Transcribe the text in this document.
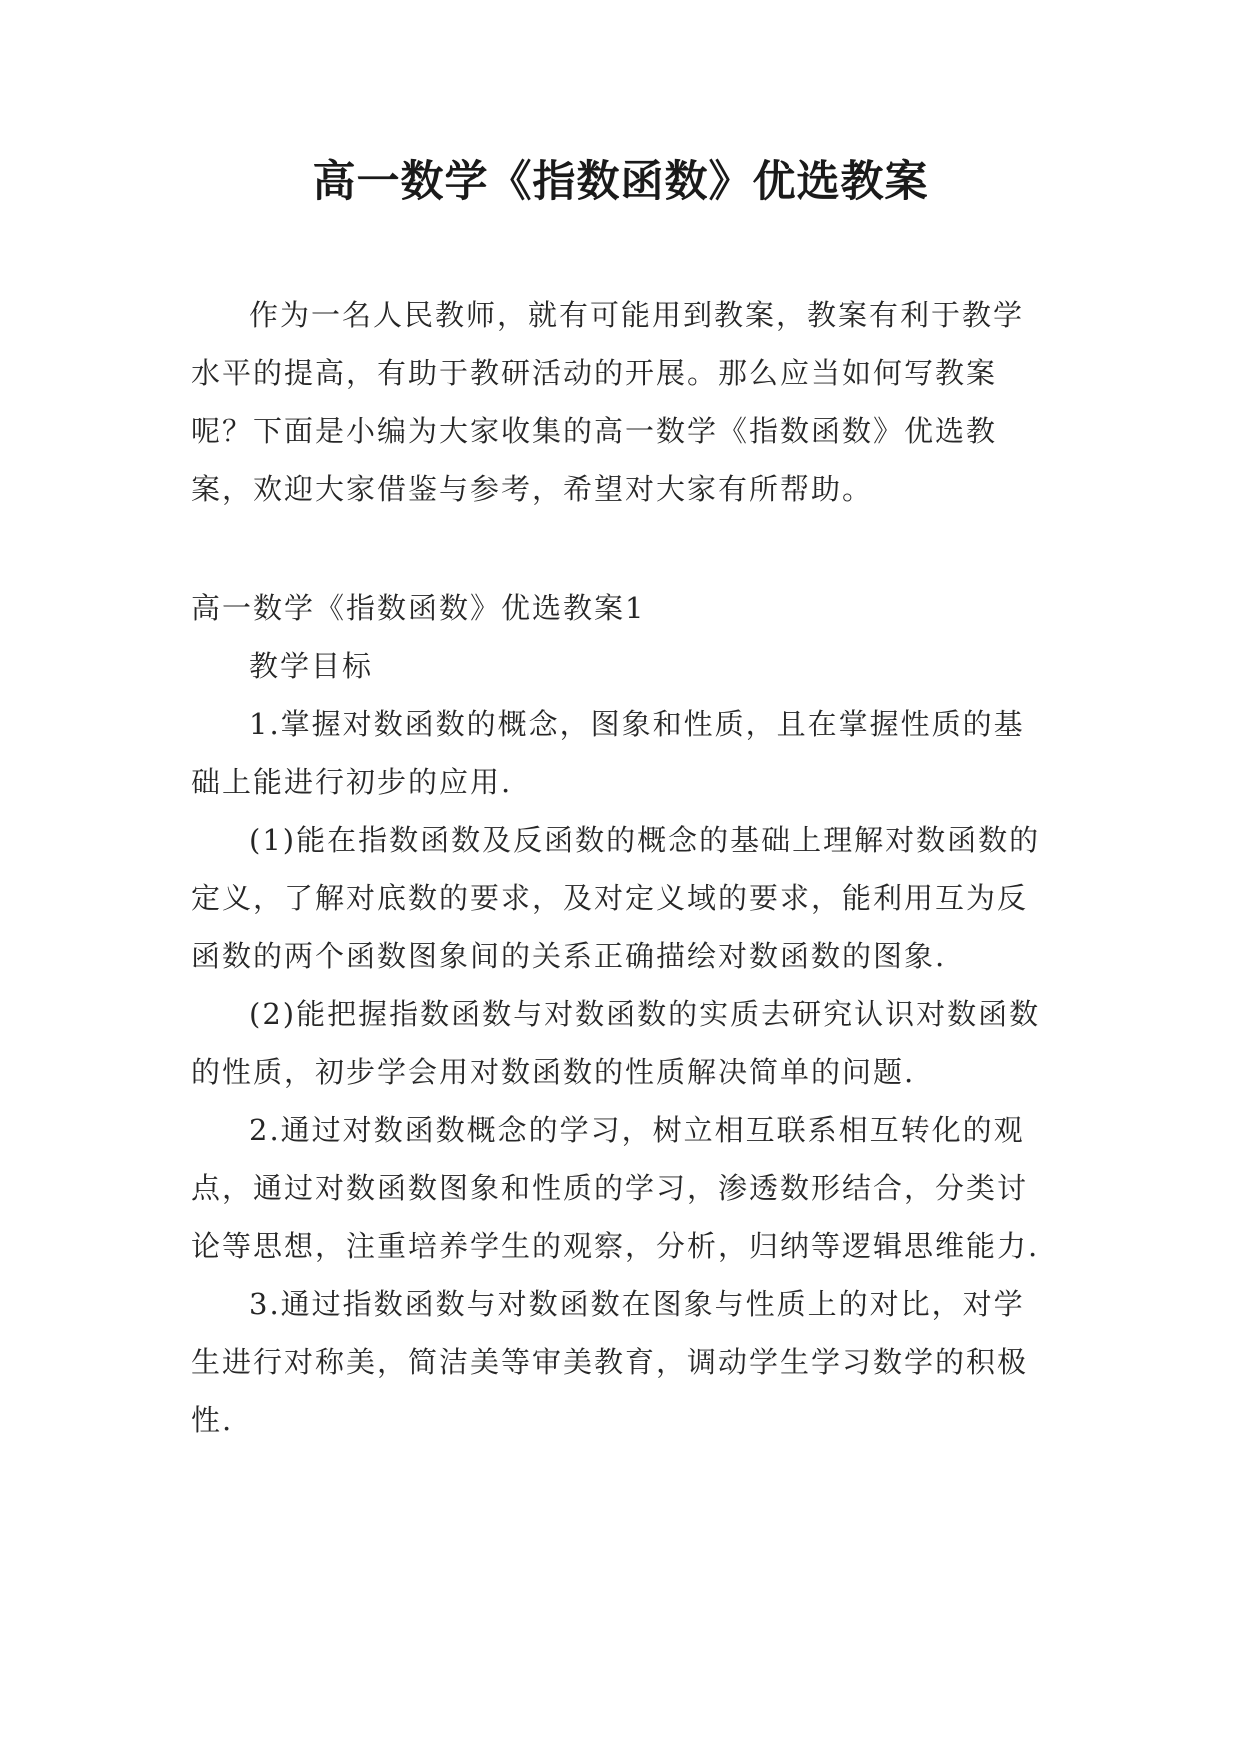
高一数学《指数函数》优选教案

作为一名人民教师，就有可能用到教案，教案有利于教学水平的提高，有助于教研活动的开展。那么应当如何写教案呢？下面是小编为大家收集的高一数学《指数函数》优选教案，欢迎大家借鉴与参考，希望对大家有所帮助。

高一数学《指数函数》优选教案1

教学目标

1.掌握对数函数的概念，图象和性质，且在掌握性质的基础上能进行初步的应用.

(1)能在指数函数及反函数的概念的基础上理解对数函数的定义，了解对底数的要求，及对定义域的要求，能利用互为反函数的两个函数图象间的关系正确描绘对数函数的图象.

(2)能把握指数函数与对数函数的实质去研究认识对数函数的性质，初步学会用对数函数的性质解决简单的问题.

2.通过对数函数概念的学习，树立相互联系相互转化的观点，通过对数函数图象和性质的学习，渗透数形结合，分类讨论等思想，注重培养学生的观察，分析，归纳等逻辑思维能力.

3.通过指数函数与对数函数在图象与性质上的对比，对学生进行对称美，简洁美等审美教育，调动学生学习数学的积极性.
